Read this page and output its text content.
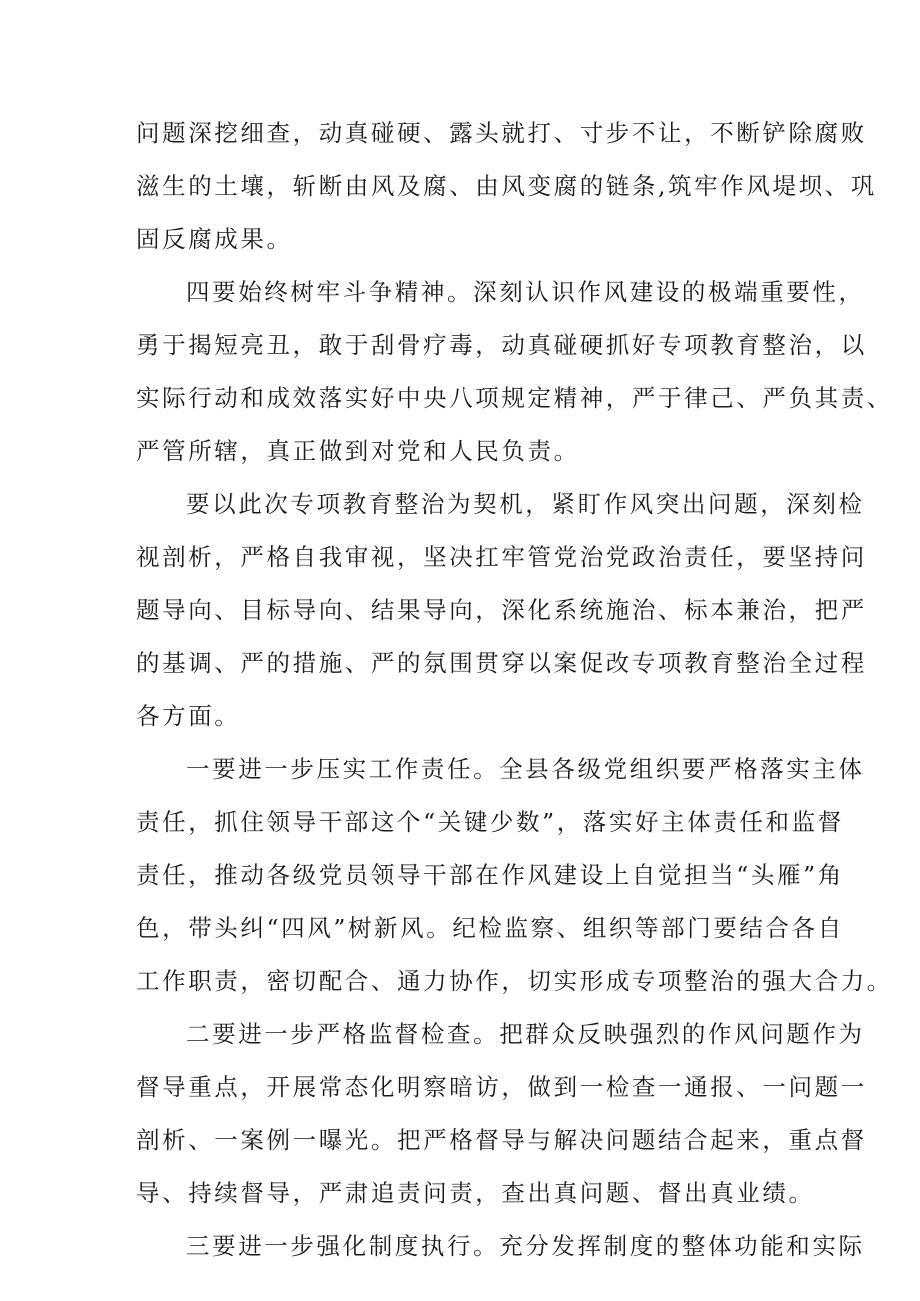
问题深挖细查，动真碰硬、露头就打、寸步不让，不断铲除腐败
滋生的土壤，斩断由风及腐、由风变腐的链条,筑牢作风堤坝、巩
固反腐成果。
四要始终树牢斗争精神。深刻认识作风建设的极端重要性，
勇于揭短亮丑，敢于刮骨疗毒，动真碰硬抓好专项教育整治，以
实际行动和成效落实好中央八项规定精神，严于律己、严负其责、
严管所辖，真正做到对党和人民负责。
要以此次专项教育整治为契机，紧盯作风突出问题，深刻检
视剖析，严格自我审视，坚决扛牢管党治党政治责任，要坚持问
题导向、目标导向、结果导向，深化系统施治、标本兼治，把严
的基调、严的措施、严的氛围贯穿以案促改专项教育整治全过程
各方面。
一要进一步压实工作责任。全县各级党组织要严格落实主体
责任，抓住领导干部这个“关键少数”，落实好主体责任和监督
责任，推动各级党员领导干部在作风建设上自觉担当“头雁”角
色，带头纠“四风”树新风。纪检监察、组织等部门要结合各自
工作职责，密切配合、通力协作，切实形成专项整治的强大合力。
二要进一步严格监督检查。把群众反映强烈的作风问题作为
督导重点，开展常态化明察暗访，做到一检查一通报、一问题一
剖析、一案例一曝光。把严格督导与解决问题结合起来，重点督
导、持续督导，严肃追责问责，查出真问题、督出真业绩。
三要进一步强化制度执行。充分发挥制度的整体功能和实际
